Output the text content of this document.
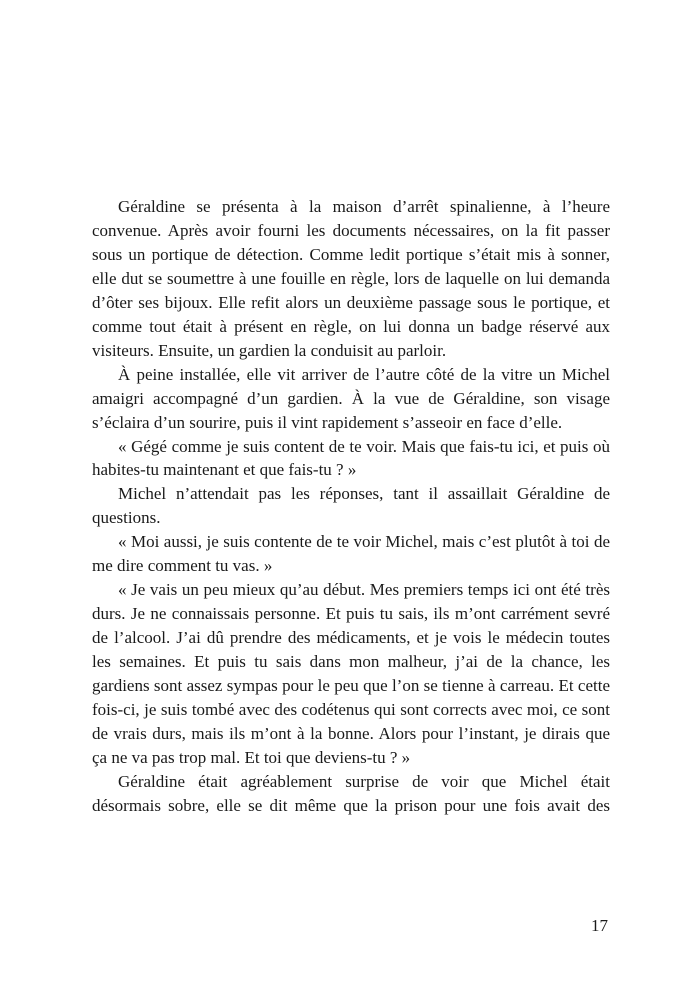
Géraldine se présenta à la maison d’arrêt spinalienne, à l’heure convenue. Après avoir fourni les documents nécessaires, on la fit passer sous un portique de détection. Comme ledit portique s’était mis à sonner, elle dut se soumettre à une fouille en règle, lors de laquelle on lui demanda d’ôter ses bijoux. Elle refit alors un deuxième passage sous le portique, et comme tout était à présent en règle, on lui donna un badge réservé aux visiteurs. Ensuite, un gardien la conduisit au parloir.

À peine installée, elle vit arriver de l’autre côté de la vitre un Michel amaigri accompagné d’un gardien. À la vue de Géraldine, son visage s’éclaira d’un sourire, puis il vint rapidement s’asseoir en face d’elle.

« Gégé comme je suis content de te voir. Mais que fais-tu ici, et puis où habites-tu maintenant et que fais-tu ? »

Michel n’attendait pas les réponses, tant il assaillait Géraldine de questions.

« Moi aussi, je suis contente de te voir Michel, mais c’est plutôt à toi de me dire comment tu vas. »

« Je vais un peu mieux qu’au début. Mes premiers temps ici ont été très durs. Je ne connaissais personne. Et puis tu sais, ils m’ont carrément sevré de l’alcool. J’ai dû prendre des médicaments, et je vois le médecin toutes les semaines. Et puis tu sais dans mon malheur, j’ai de la chance, les gardiens sont assez sympas pour le peu que l’on se tienne à carreau. Et cette fois-ci, je suis tombé avec des codétenus qui sont corrects avec moi, ce sont de vrais durs, mais ils m’ont à la bonne. Alors pour l’instant, je dirais que ça ne va pas trop mal. Et toi que deviens-tu ? »

Géraldine était agréablement surprise de voir que Michel était désormais sobre, elle se dit même que la prison pour une fois avait des

17
